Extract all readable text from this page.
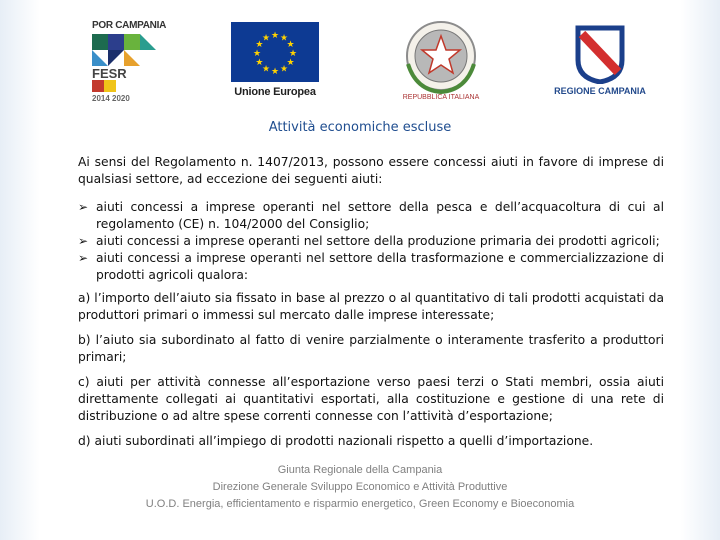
POR CAMPANIA
FESR
2014 2020
★ ★
★
★
★
★
★
★
★
★
★
★
Unione Europea	REPUBBLICA ITALIANA
REGIONE CAMPANIA
Attività economiche escluse

Ai sensi del Regolamento n. 1407/2013, possono essere concessi aiuti in favore di imprese di qualsiasi settore, ad eccezione dei seguenti aiuti:

➢ aiuti concessi a imprese operanti nel settore della pesca e dell’acquacoltura di cui al regolamento (CE) n. 104/2000 del Consiglio;
➢ aiuti concessi a imprese operanti nel settore della produzione primaria dei prodotti agricoli;
➢ aiuti concessi a imprese operanti nel settore della trasformazione e commercializzazione di prodotti agricoli qualora:

a) l’importo dell’aiuto sia fissato in base al prezzo o al quantitativo di tali prodotti acquistati da produttori primari o immessi sul mercato dalle imprese interessate;

b) l’aiuto sia subordinato al fatto di venire parzialmente o interamente trasferito a produttori primari;

c) aiuti per attività connesse all’esportazione verso paesi terzi o Stati membri, ossia aiuti direttamente collegati ai quantitativi esportati, alla costituzione e gestione di una rete di distribuzione o ad altre spese correnti connesse con l’attività d’esportazione;

d) aiuti subordinati all’impiego di prodotti nazionali rispetto a quelli d’importazione.

Giunta Regionale della Campania
Direzione Generale Sviluppo Economico e Attività Produttive
U.O.D. Energia, efficientamento e risparmio energetico, Green Economy e Bioeconomia
